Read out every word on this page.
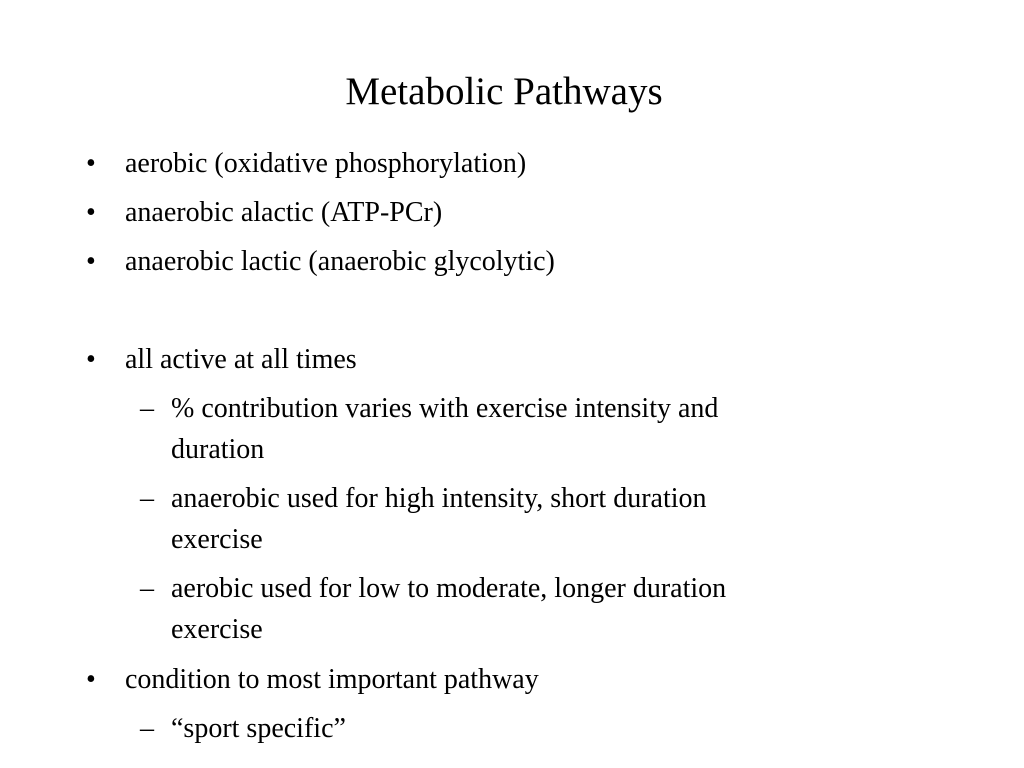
Metabolic Pathways
• aerobic (oxidative phosphorylation)
• anaerobic alactic (ATP-PCr)
• anaerobic lactic (anaerobic glycolytic)
• all active at all times
– % contribution varies with exercise intensity and
duration
– anaerobic used for high intensity, short duration
exercise
– aerobic used for low to moderate, longer duration
exercise
• condition to most important pathway
– “sport specific”
